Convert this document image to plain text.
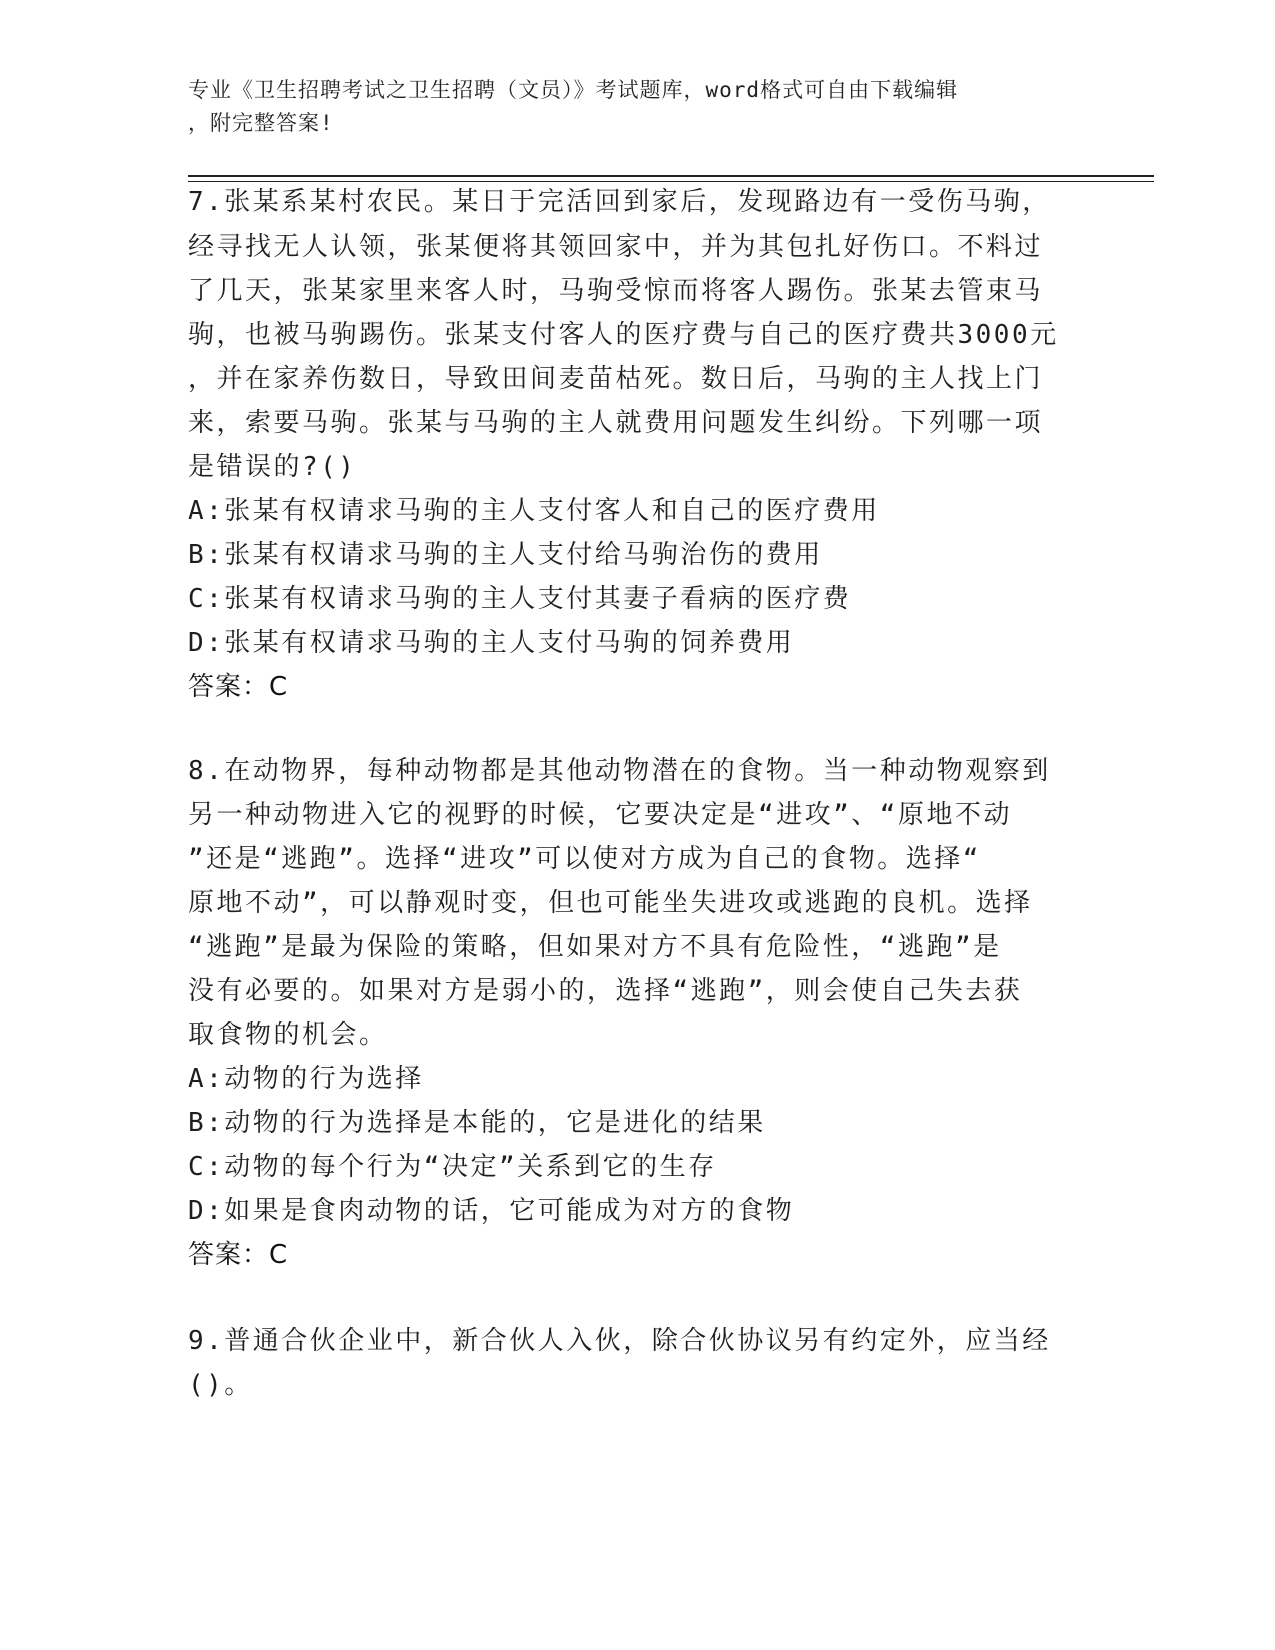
专业《卫生招聘考试之卫生招聘（文员）》考试题库，word格式可自由下载编辑
，附完整答案!
7.张某系某村农民。某日于完活回到家后，发现路边有一受伤马驹，
经寻找无人认领，张某便将其领回家中，并为其包扎好伤口。不料过
了几天，张某家里来客人时，马驹受惊而将客人踢伤。张某去管束马
驹，也被马驹踢伤。张某支付客人的医疗费与自己的医疗费共3000元
，并在家养伤数日，导致田间麦苗枯死。数日后，马驹的主人找上门
来，索要马驹。张某与马驹的主人就费用问题发生纠纷。下列哪一项
是错误的?()
A:张某有权请求马驹的主人支付客人和自己的医疗费用
B:张某有权请求马驹的主人支付给马驹治伤的费用
C:张某有权请求马驹的主人支付其妻子看病的医疗费
D:张某有权请求马驹的主人支付马驹的饲养费用
答案：C
8.在动物界，每种动物都是其他动物潜在的食物。当一种动物观察到
另一种动物进入它的视野的时候，它要决定是“进攻”、“原地不动
”还是“逃跑”。选择“进攻”可以使对方成为自己的食物。选择“
原地不动”，可以静观时变，但也可能坐失进攻或逃跑的良机。选择
“逃跑”是最为保险的策略，但如果对方不具有危险性，“逃跑”是
没有必要的。如果对方是弱小的，选择“逃跑”，则会使自己失去获
取食物的机会。
A:动物的行为选择
B:动物的行为选择是本能的，它是进化的结果
C:动物的每个行为“决定”关系到它的生存
D:如果是食肉动物的话，它可能成为对方的食物
答案：C
9.普通合伙企业中，新合伙人入伙，除合伙协议另有约定外，应当经
()。
